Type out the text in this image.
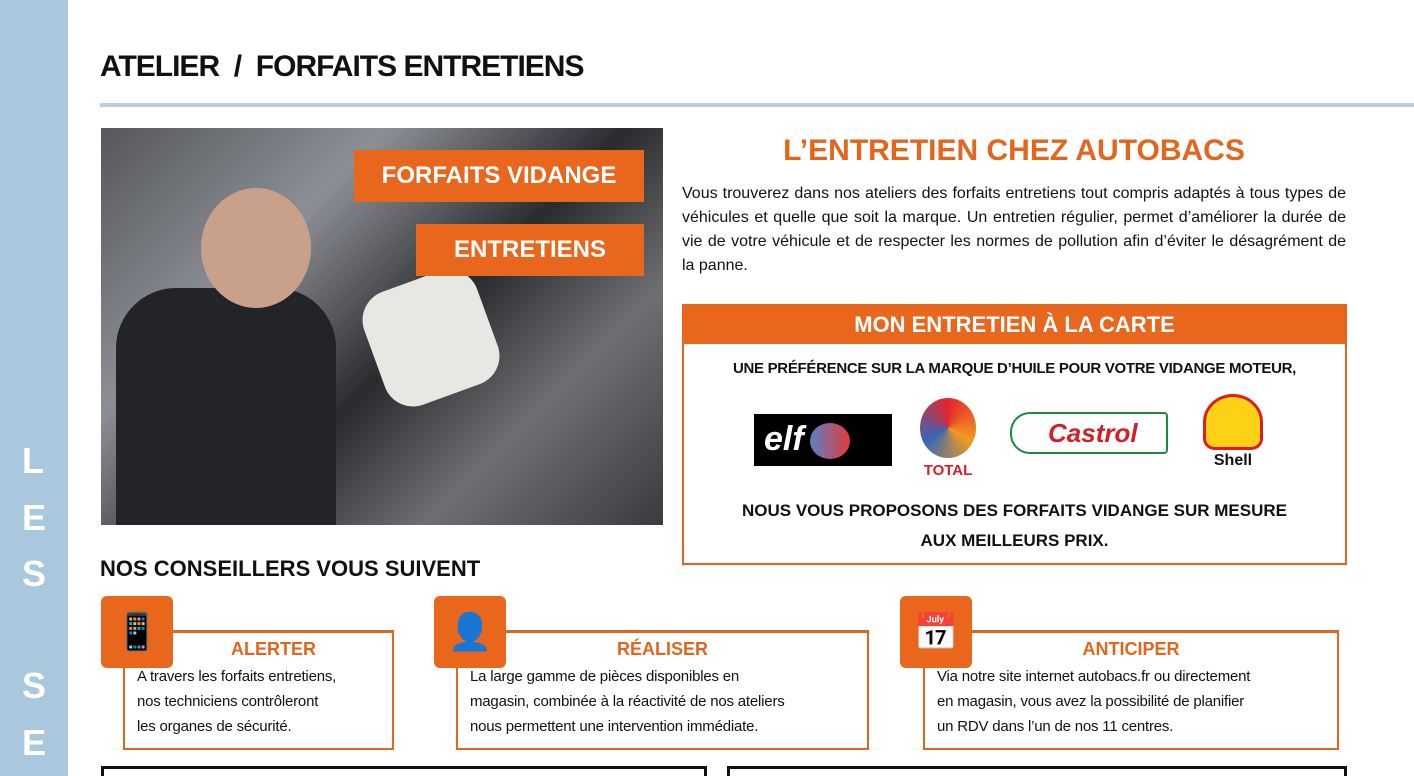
L
E
S
S
E
ATELIER  /  FORFAITS ENTRETIENS
FORFAITS VIDANGE
ENTRETIENS
L’ENTRETIEN CHEZ AUTOBACS
Vous trouverez dans nos ateliers des forfaits entretiens tout compris adaptés à tous types de véhicules et quelle que soit la marque. Un entretien régulier, permet d’améliorer la durée de vie de votre véhicule et de respecter les normes de pollution afin d’éviter le désagrément de la panne.
MON ENTRETIEN À LA CARTE
UNE PRÉFÉRENCE SUR LA MARQUE D’HUILE POUR VOTRE VIDANGE MOTEUR,
elf
TOTAL
Castrol
Shell
NOUS VOUS PROPOSONS DES FORFAITS VIDANGE SUR MESURE
AUX MEILLEURS PRIX.
NOS CONSEILLERS VOUS SUIVENT
ALERTER
A travers les forfaits entretiens,
nos techniciens contrôleront
les organes de sécurité.
📱	RÉALISER
La large gamme de pièces disponibles en
magasin, combinée à la réactivité de nos ateliers
nous permettent une intervention immédiate.
👤	ANTICIPER
Via notre site internet autobacs.fr ou directement
en magasin, vous avez la possibilité de planifier
un RDV dans l’un de nos 11 centres.
📅
